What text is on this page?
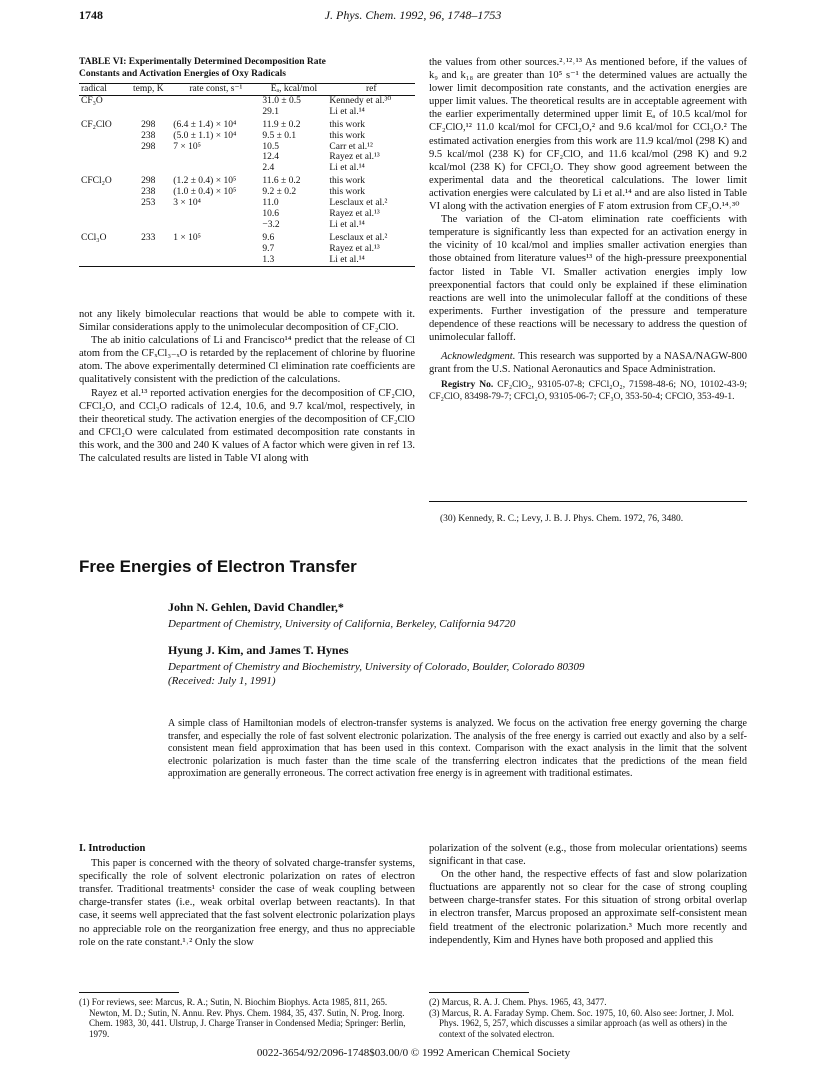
1748	J. Phys. Chem. 1992, 96, 1748–1753
TABLE VI: Experimentally Determined Decomposition Rate
Constants and Activation Energies of Oxy Radicals
radical	temp, K	rate const, s⁻¹	Eₐ, kcal/mol	ref
CF₃O			31.0 ± 0.5	Kennedy et al.³⁰
			29.1	Li et al.¹⁴
CF₂ClO	298	(6.4 ± 1.4) × 10⁴	11.9 ± 0.2	this work
	238	(5.0 ± 1.1) × 10⁴	9.5 ± 0.1	this work
	298	7 × 10⁵	10.5	Carr et al.¹²
			12.4	Rayez et al.¹³
			2.4	Li et al.¹⁴
CFCl₂O	298	(1.2 ± 0.4) × 10⁵	11.6 ± 0.2	this work
	238	(1.0 ± 0.4) × 10⁵	9.2 ± 0.2	this work
	253	3 × 10⁴	11.0	Lesclaux et al.²
			10.6	Rayez et al.¹³
			−3.2	Li et al.¹⁴
CCl₃O	233	1 × 10⁵	9.6	Lesclaux et al.²
			9.7	Rayez et al.¹³
			1.3	Li et al.¹⁴

not any likely bimolecular reactions that would be able to compete with it. Similar considerations apply to the unimolecular decomposition of CF₂ClO.

The ab initio calculations of Li and Francisco¹⁴ predict that the release of Cl atom from the CFₓCl₃₋ₓO is retarded by the replacement of chlorine by fluorine atom. The above experimentally determined Cl elimination rate coefficients are qualitatively consistent with the prediction of the calculations.

Rayez et al.¹³ reported activation energies for the decomposition of CF₂ClO, CFCl₂O, and CCl₃O radicals of 12.4, 10.6, and 9.7 kcal/mol, respectively, in their theoretical study. The activation energies of the decomposition of CF₂ClO and CFCl₂O were calculated from estimated decomposition rate constants in this work, and the 300 and 240 K values of A factor which were given in ref 13. The calculated results are listed in Table VI along with

the values from other sources.²˒¹²˒¹³ As mentioned before, if the values of k₉ and k₁₈ are greater than 10⁵ s⁻¹ the determined values are actually the lower limit decomposition rate constants, and the activation energies are upper limit values. The theoretical results are in acceptable agreement with the earlier experimentally determined upper limit Eₐ of 10.5 kcal/mol for CF₂ClO,¹² 11.0 kcal/mol for CFCl₂O,² and 9.6 kcal/mol for CCl₃O.² The estimated activation energies from this work are 11.9 kcal/mol (298 K) and 9.5 kcal/mol (238 K) for CF₂ClO, and 11.6 kcal/mol (298 K) and 9.2 kcal/mol (238 K) for CFCl₂O. They show good agreement between the experimental data and the theoretical calculations. The lower limit activation energies were calculated by Li et al.¹⁴ and are also listed in Table VI along with the activation energies of F atom extrusion from CF₃O.¹⁴˒³⁰

The variation of the Cl-atom elimination rate coefficients with temperature is significantly less than expected for an activation energy in the vicinity of 10 kcal/mol and implies smaller activation energies than those obtained from literature values¹³ of the high-pressure preexponential factor listed in Table VI. Smaller activation energies imply low preexponential factors that could only be explained if these elimination reactions are well into the unimolecular falloff at the conditions of these experiments. Further investigation of the pressure and temperature dependence of these reactions will be necessary to address the question of unimolecular falloff.

Acknowledgment. This research was supported by a NASA/NAGW-800 grant from the U.S. National Aeronautics and Space Administration.

Registry No. CF₂ClO₂, 93105-07-8; CFCl₂O₂, 71598-48-6; NO, 10102-43-9; CF₂ClO, 83498-79-7; CFCl₂O, 93105-06-7; CF₃O, 353-50-4; CFClO, 353-49-1.

(30) Kennedy, R. C.; Levy, J. B. J. Phys. Chem. 1972, 76, 3480.
Free Energies of Electron Transfer
John N. Gehlen, David Chandler,*
Department of Chemistry, University of California, Berkeley, California 94720
Hyung J. Kim, and James T. Hynes
Department of Chemistry and Biochemistry, University of Colorado, Boulder, Colorado 80309
(Received: July 1, 1991)
A simple class of Hamiltonian models of electron-transfer systems is analyzed. We focus on the activation free energy governing the charge transfer, and especially the role of fast solvent electronic polarization. The analysis of the free energy is carried out exactly and also by a self-consistent mean field approximation that has been used in this context. Comparison with the exact analysis in the limit that the solvent electronic polarization is much faster than the time scale of the transferring electron indicates that the predictions of the mean field approximation are generally erroneous. The correct activation free energy is in agreement with traditional estimates.
I. Introduction

This paper is concerned with the theory of solvated charge-transfer systems, specifically the role of solvent electronic polarization on rates of electron transfer. Traditional treatments¹ consider the case of weak coupling between charge-transfer states (i.e., weak orbital overlap between reactants). In that case, it seems well appreciated that the fast solvent electronic polarization plays no appreciable role on the reorganization free energy, and thus no appreciable role on the rate constant.¹˒² Only the slow

polarization of the solvent (e.g., those from molecular orientations) seems significant in that case.

On the other hand, the respective effects of fast and slow polarization fluctuations are apparently not so clear for the case of strong coupling between charge-transfer states. For this situation of strong orbital overlap in electron transfer, Marcus proposed an approximate self-consistent mean field treatment of the electronic polarization.³ Much more recently and independently, Kim and Hynes have both proposed and applied this

(1) For reviews, see: Marcus, R. A.; Sutin, N. Biochim Biophys. Acta 1985, 811, 265. Newton, M. D.; Sutin, N. Annu. Rev. Phys. Chem. 1984, 35, 437. Sutin, N. Prog. Inorg. Chem. 1983, 30, 441. Ulstrup, J. Charge Transer in Condensed Media; Springer: Berlin, 1979.

(2) Marcus, R. A. J. Chem. Phys. 1965, 43, 3477.

(3) Marcus, R. A. Faraday Symp. Chem. Soc. 1975, 10, 60. Also see: Jortner, J. Mol. Phys. 1962, 5, 257, which discusses a similar approach (as well as others) in the context of the solvated electron.

0022-3654/92/2096-1748$03.00/0 © 1992 American Chemical Society
